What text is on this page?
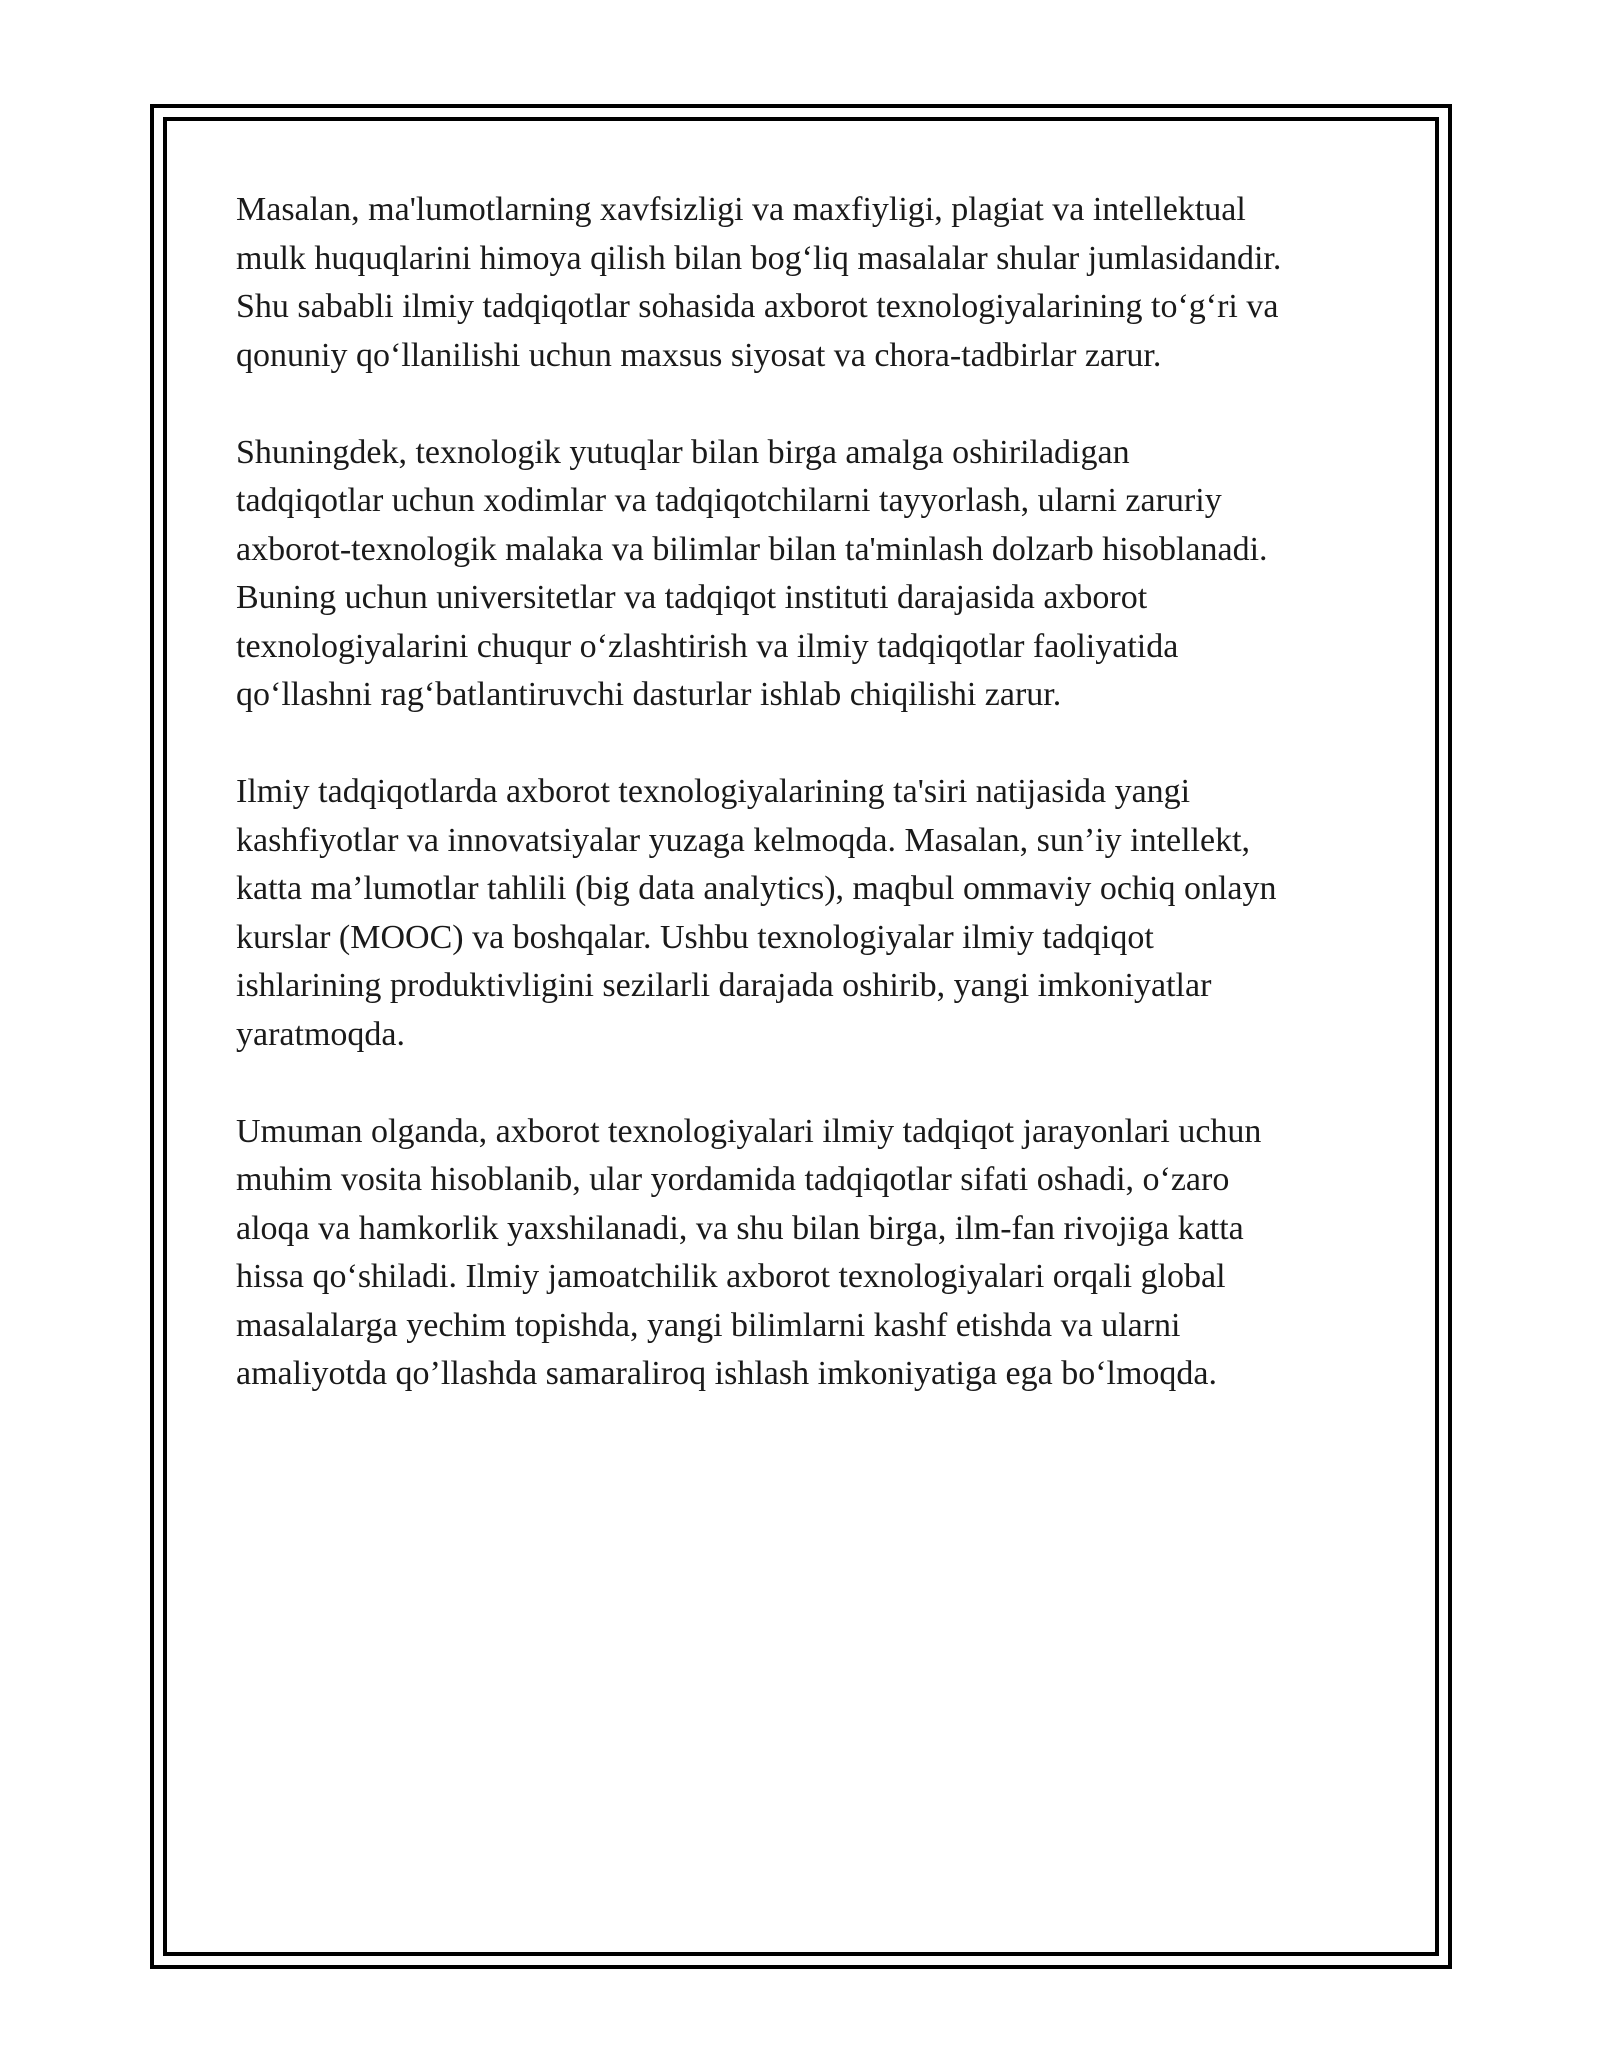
Masalan, ma'lumotlarning xavfsizligi va maxfiyligi, plagiat va intellektual
mulk huquqlarini himoya qilish bilan bog‘liq masalalar shular jumlasidandir.
Shu sababli ilmiy tadqiqotlar sohasida axborot texnologiyalarining to‘g‘ri va
qonuniy qo‘llanilishi uchun maxsus siyosat va chora-tadbirlar zarur.

Shuningdek, texnologik yutuqlar bilan birga amalga oshiriladigan
tadqiqotlar uchun xodimlar va tadqiqotchilarni tayyorlash, ularni zaruriy
axborot-texnologik malaka va bilimlar bilan ta'minlash dolzarb hisoblanadi.
Buning uchun universitetlar va tadqiqot instituti darajasida axborot
texnologiyalarini chuqur o‘zlashtirish va ilmiy tadqiqotlar faoliyatida
qo‘llashni rag‘batlantiruvchi dasturlar ishlab chiqilishi zarur.

Ilmiy tadqiqotlarda axborot texnologiyalarining ta'siri natijasida yangi
kashfiyotlar va innovatsiyalar yuzaga kelmoqda. Masalan, sun’iy intellekt,
katta ma’lumotlar tahlili (big data analytics), maqbul ommaviy ochiq onlayn
kurslar (MOOC) va boshqalar. Ushbu texnologiyalar ilmiy tadqiqot
ishlarining produktivligini sezilarli darajada oshirib, yangi imkoniyatlar
yaratmoqda.

Umuman olganda, axborot texnologiyalari ilmiy tadqiqot jarayonlari uchun
muhim vosita hisoblanib, ular yordamida tadqiqotlar sifati oshadi, o‘zaro
aloqa va hamkorlik yaxshilanadi, va shu bilan birga, ilm-fan rivojiga katta
hissa qo‘shiladi. Ilmiy jamoatchilik axborot texnologiyalari orqali global
masalalarga yechim topishda, yangi bilimlarni kashf etishda va ularni
amaliyotda qo’llashda samaraliroq ishlash imkoniyatiga ega bo‘lmoqda.
